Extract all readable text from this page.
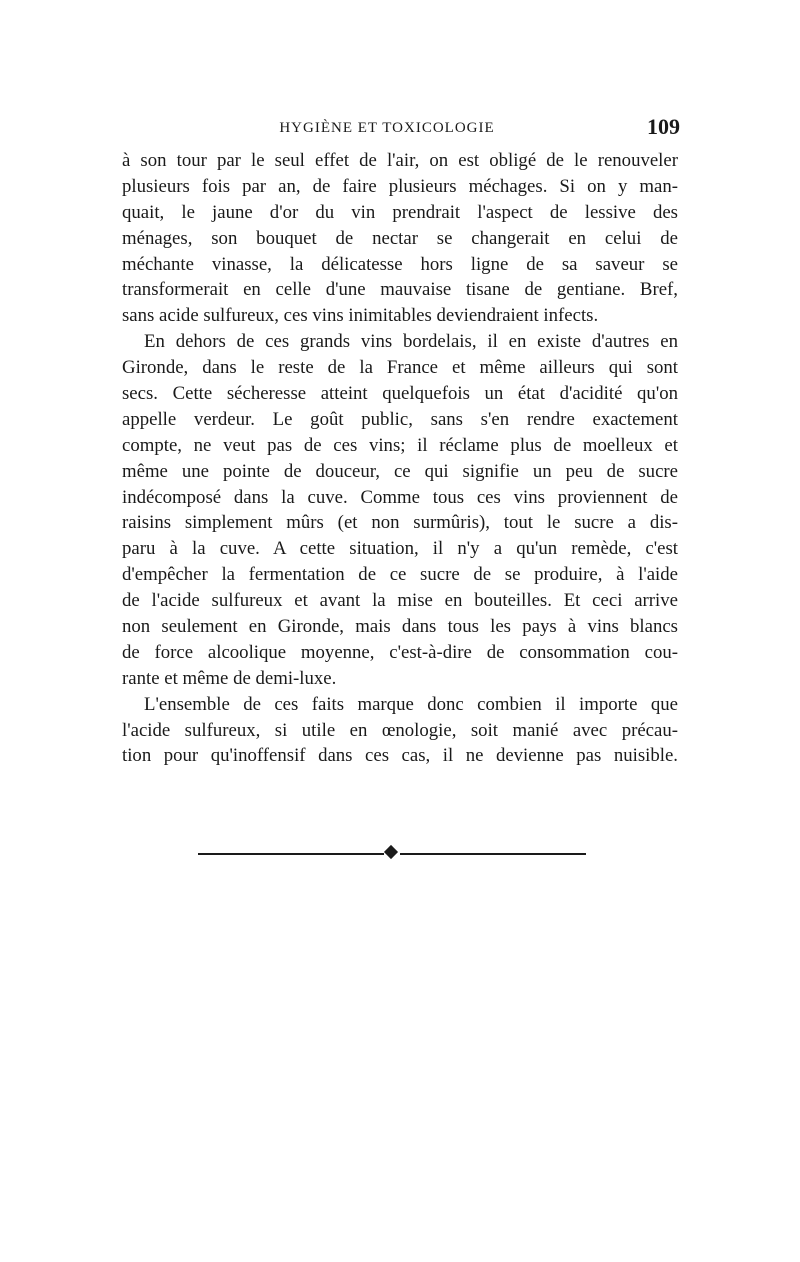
HYGIÈNE ET TOXICOLOGIE	109
à son tour par le seul effet de l'air, on est obligé de le renouveler
plusieurs fois par an, de faire plusieurs méchages. Si on y man-
quait, le jaune d'or du vin prendrait l'aspect de lessive des
ménages, son bouquet de nectar se changerait en celui de
méchante vinasse, la délicatesse hors ligne de sa saveur se
transformerait en celle d'une mauvaise tisane de gentiane. Bref,
sans acide sulfureux, ces vins inimitables deviendraient infects.
En dehors de ces grands vins bordelais, il en existe d'autres en
Gironde, dans le reste de la France et même ailleurs qui sont
secs. Cette sécheresse atteint quelquefois un état d'acidité qu'on
appelle verdeur. Le goût public, sans s'en rendre exactement
compte, ne veut pas de ces vins; il réclame plus de moelleux et
même une pointe de douceur, ce qui signifie un peu de sucre
indécomposé dans la cuve. Comme tous ces vins proviennent de
raisins simplement mûrs (et non surmûris), tout le sucre a dis-
paru à la cuve. A cette situation, il n'y a qu'un remède, c'est
d'empêcher la fermentation de ce sucre de se produire, à l'aide
de l'acide sulfureux et avant la mise en bouteilles. Et ceci arrive
non seulement en Gironde, mais dans tous les pays à vins blancs
de force alcoolique moyenne, c'est-à-dire de consommation cou-
rante et même de demi-luxe.
L'ensemble de ces faits marque donc combien il importe que
l'acide sulfureux, si utile en œnologie, soit manié avec précau-
tion pour qu'inoffensif dans ces cas, il ne devienne pas nuisible.
